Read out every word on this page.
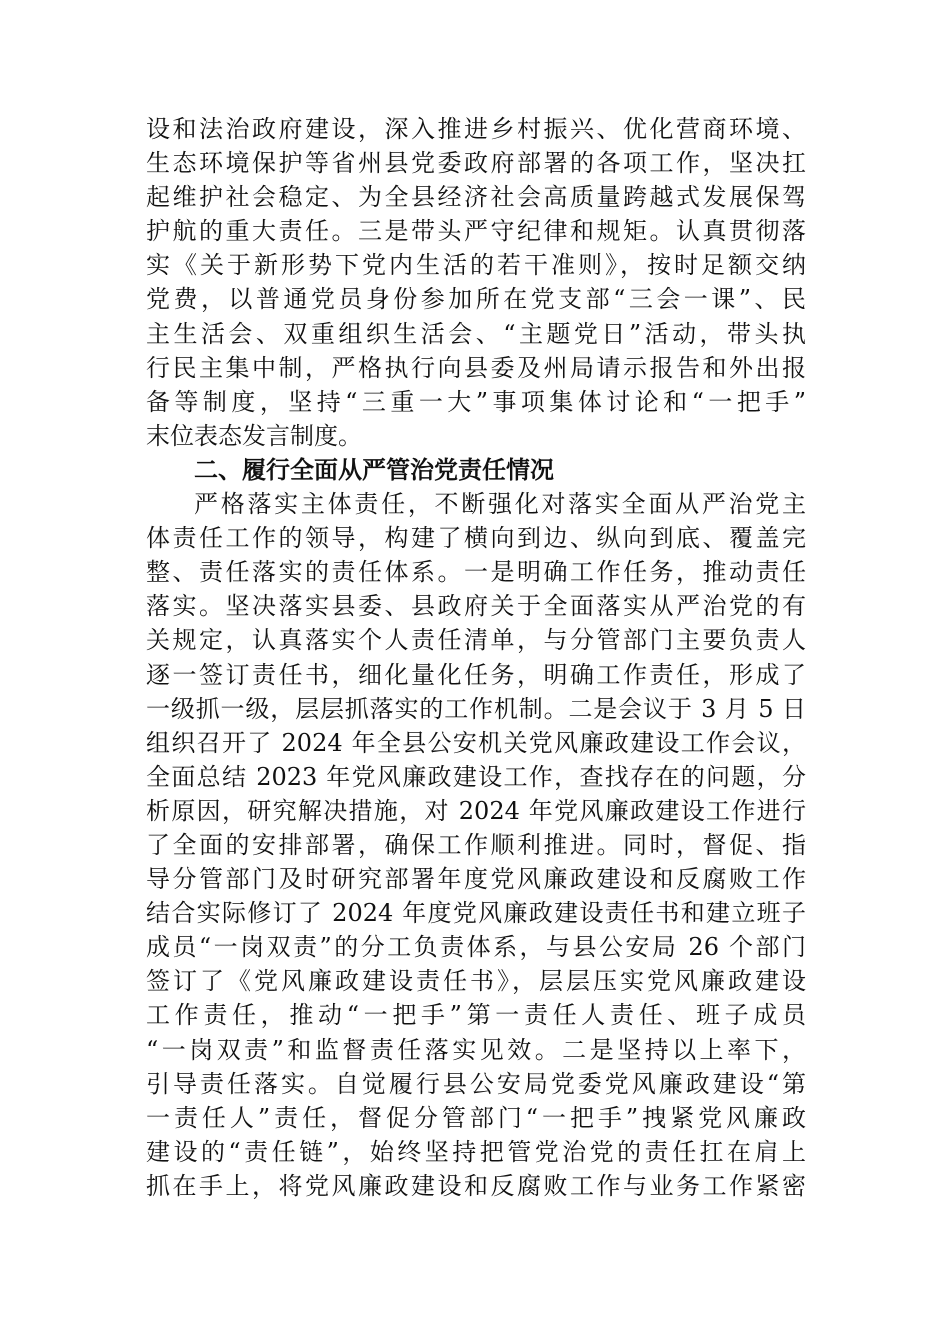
设和法治政府建设，深入推进乡村振兴、优化营商环境、
生态环境保护等省州县党委政府部署的各项工作，坚决扛
起维护社会稳定、为全县经济社会高质量跨越式发展保驾
护航的重大责任。三是带头严守纪律和规矩。认真贯彻落
实《关于新形势下党内生活的若干准则》，按时足额交纳
党费，以普通党员身份参加所在党支部“三会一课”、民
主生活会、双重组织生活会、“主题党日”活动，带头执
行民主集中制，严格执行向县委及州局请示报告和外出报
备等制度，坚持“三重一大”事项集体讨论和“一把手”
末位表态发言制度。
二、履行全面从严管治党责任情况
严格落实主体责任，不断强化对落实全面从严治党主
体责任工作的领导，构建了横向到边、纵向到底、覆盖完
整、责任落实的责任体系。一是明确工作任务，推动责任
落实。坚决落实县委、县政府关于全面落实从严治党的有
关规定，认真落实个人责任清单，与分管部门主要负责人
逐一签订责任书，细化量化任务，明确工作责任，形成了
一级抓一级，层层抓落实的工作机制。二是会议于 3 月 5 日
组织召开了 2024 年全县公安机关党风廉政建设工作会议，
全面总结 2023 年党风廉政建设工作，查找存在的问题，分
析原因，研究解决措施，对 2024 年党风廉政建设工作进行
了全面的安排部署，确保工作顺利推进。同时，督促、指
导分管部门及时研究部署年度党风廉政建设和反腐败工作
结合实际修订了 2024 年度党风廉政建设责任书和建立班子
成员“一岗双责”的分工负责体系，与县公安局 26 个部门
签订了《党风廉政建设责任书》，层层压实党风廉政建设
工作责任，推动“一把手”第一责任人责任、班子成员
“一岗双责”和监督责任落实见效。二是坚持以上率下，
引导责任落实。自觉履行县公安局党委党风廉政建设“第
一责任人”责任，督促分管部门“一把手”拽紧党风廉政
建设的“责任链”，始终坚持把管党治党的责任扛在肩上
抓在手上，将党风廉政建设和反腐败工作与业务工作紧密
